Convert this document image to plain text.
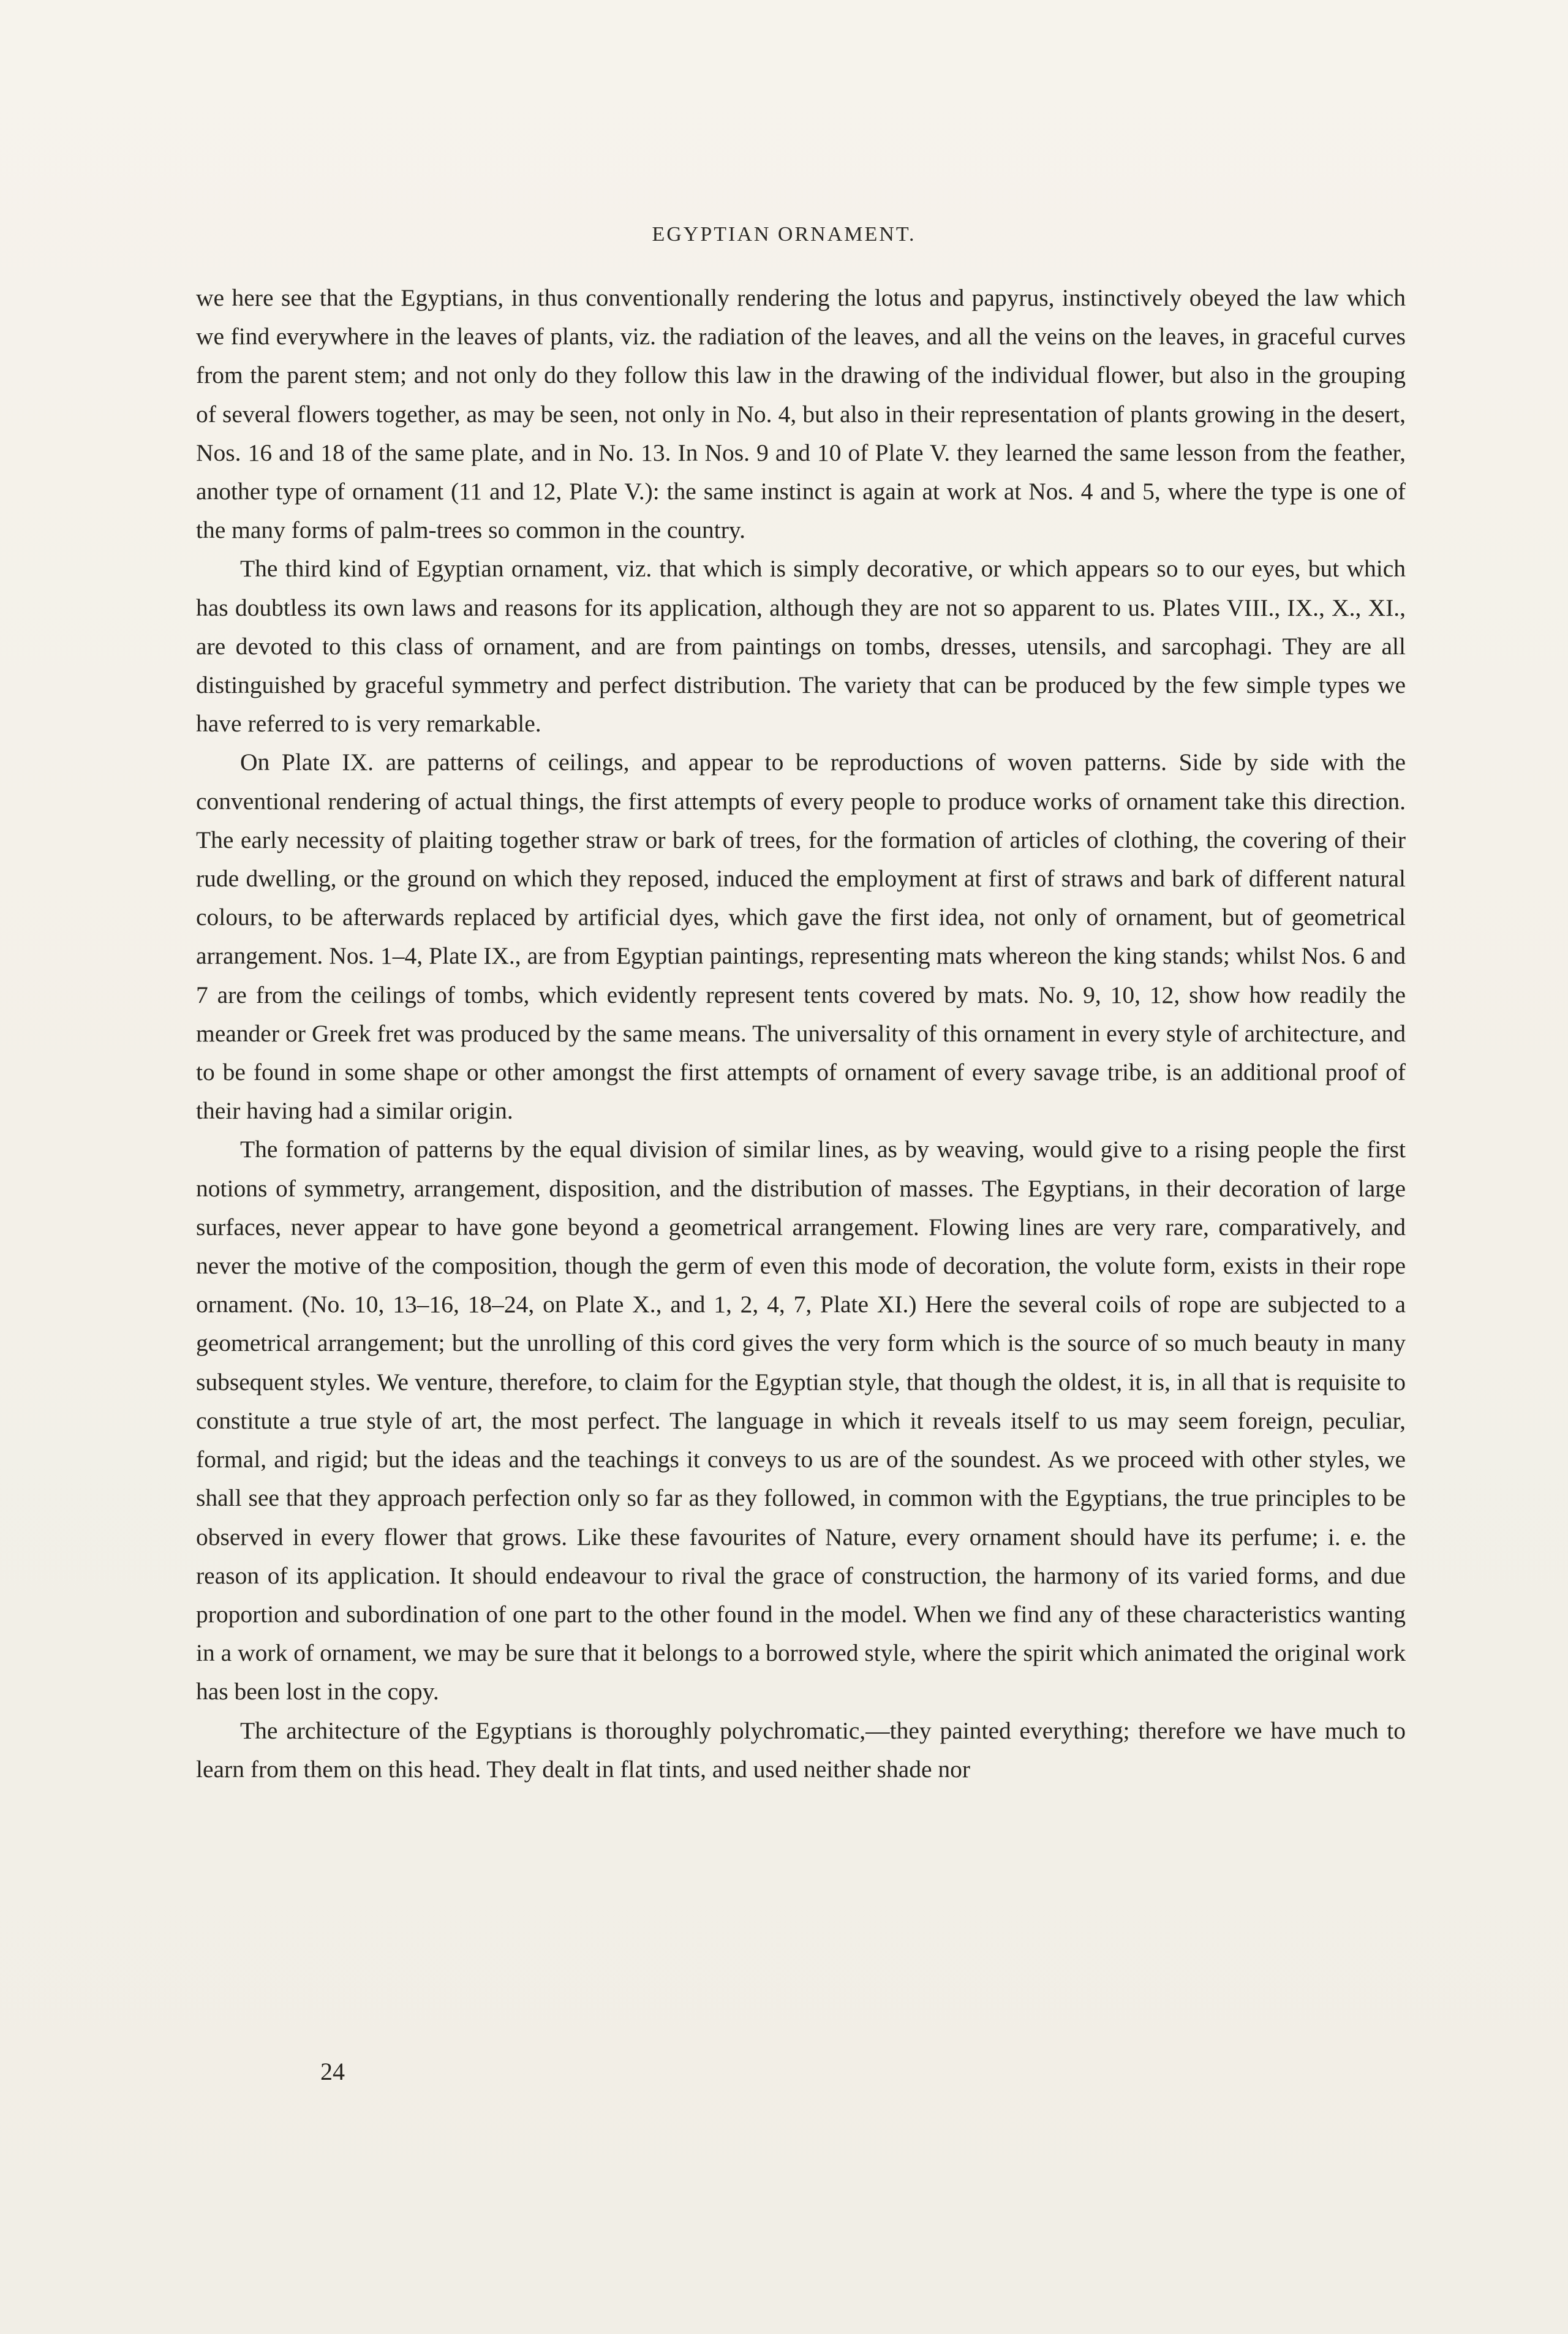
EGYPTIAN ORNAMENT.

we here see that the Egyptians, in thus conventionally rendering the lotus and papyrus, instinctively obeyed the law which we find everywhere in the leaves of plants, viz. the radiation of the leaves, and all the veins on the leaves, in graceful curves from the parent stem; and not only do they follow this law in the drawing of the individual flower, but also in the grouping of several flowers together, as may be seen, not only in No. 4, but also in their representation of plants growing in the desert, Nos. 16 and 18 of the same plate, and in No. 13. In Nos. 9 and 10 of Plate V. they learned the same lesson from the feather, another type of ornament (11 and 12, Plate V.): the same instinct is again at work at Nos. 4 and 5, where the type is one of the many forms of palm-trees so common in the country.

The third kind of Egyptian ornament, viz. that which is simply decorative, or which appears so to our eyes, but which has doubtless its own laws and reasons for its application, although they are not so apparent to us. Plates VIII., IX., X., XI., are devoted to this class of ornament, and are from paintings on tombs, dresses, utensils, and sarcophagi. They are all distinguished by graceful symmetry and perfect distribution. The variety that can be produced by the few simple types we have referred to is very remarkable.

On Plate IX. are patterns of ceilings, and appear to be reproductions of woven patterns. Side by side with the conventional rendering of actual things, the first attempts of every people to produce works of ornament take this direction. The early necessity of plaiting together straw or bark of trees, for the formation of articles of clothing, the covering of their rude dwelling, or the ground on which they reposed, induced the employment at first of straws and bark of different natural colours, to be afterwards replaced by artificial dyes, which gave the first idea, not only of ornament, but of geometrical arrangement. Nos. 1–4, Plate IX., are from Egyptian paintings, representing mats whereon the king stands; whilst Nos. 6 and 7 are from the ceilings of tombs, which evidently represent tents covered by mats. No. 9, 10, 12, show how readily the meander or Greek fret was produced by the same means. The universality of this ornament in every style of architecture, and to be found in some shape or other amongst the first attempts of ornament of every savage tribe, is an additional proof of their having had a similar origin.

The formation of patterns by the equal division of similar lines, as by weaving, would give to a rising people the first notions of symmetry, arrangement, disposition, and the distribution of masses. The Egyptians, in their decoration of large surfaces, never appear to have gone beyond a geometrical arrangement. Flowing lines are very rare, comparatively, and never the motive of the composition, though the germ of even this mode of decoration, the volute form, exists in their rope ornament. (No. 10, 13–16, 18–24, on Plate X., and 1, 2, 4, 7, Plate XI.) Here the several coils of rope are subjected to a geometrical arrangement; but the unrolling of this cord gives the very form which is the source of so much beauty in many subsequent styles. We venture, therefore, to claim for the Egyptian style, that though the oldest, it is, in all that is requisite to constitute a true style of art, the most perfect. The language in which it reveals itself to us may seem foreign, peculiar, formal, and rigid; but the ideas and the teachings it conveys to us are of the soundest. As we proceed with other styles, we shall see that they approach perfection only so far as they followed, in common with the Egyptians, the true principles to be observed in every flower that grows. Like these favourites of Nature, every ornament should have its perfume; i. e. the reason of its application. It should endeavour to rival the grace of construction, the harmony of its varied forms, and due proportion and subordination of one part to the other found in the model. When we find any of these characteristics wanting in a work of ornament, we may be sure that it belongs to a borrowed style, where the spirit which animated the original work has been lost in the copy.

The architecture of the Egyptians is thoroughly polychromatic,—they painted everything; therefore we have much to learn from them on this head. They dealt in flat tints, and used neither shade nor

24
